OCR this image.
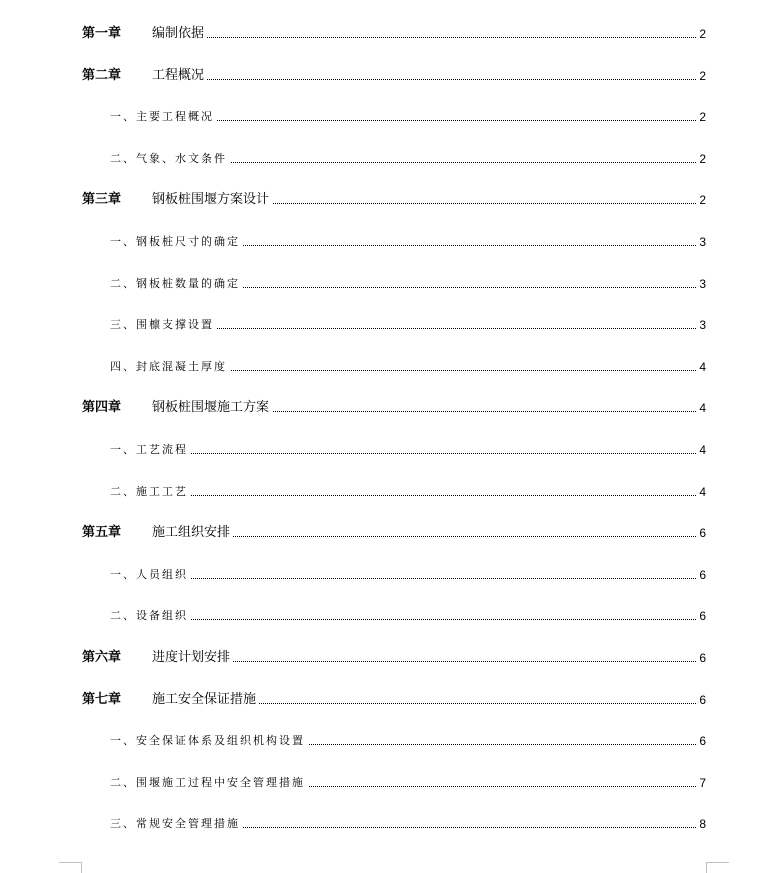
第一章 编制依据	2
第二章 工程概况	2
一、主要工程概况	2
二、气象、水文条件	2
第三章 钢板桩围堰方案设计	2
一、钢板桩尺寸的确定	3
二、钢板桩数量的确定	3
三、围檩支撑设置	3
四、封底混凝土厚度	4
第四章 钢板桩围堰施工方案	4
一、工艺流程	4
二、施工工艺	4
第五章 施工组织安排	6
一、人员组织	6
二、设备组织	6
第六章 进度计划安排	6
第七章 施工安全保证措施	6
一、安全保证体系及组织机构设置	6
二、围堰施工过程中安全管理措施	7
三、常规安全管理措施	8
